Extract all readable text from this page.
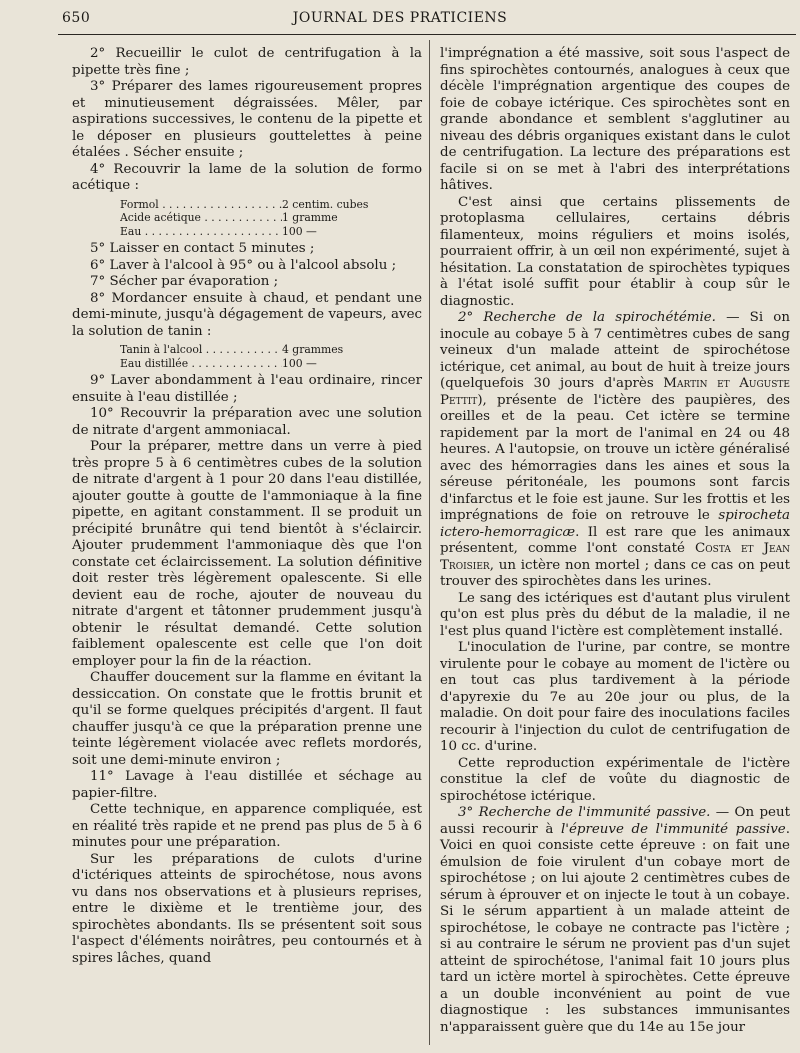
650	JOURNAL DES PRATICIENS

2° Recueillir le culot de centrifugation à la pipette très fine ;

3° Préparer des lames rigoureusement propres et minutieusement dégraissées. Mêler, par aspirations successives, le contenu de la pipette et le déposer en plusieurs gouttelettes à peine étalées . Sécher ensuite ;

4° Recouvrir la lame de la solution de formo acétique :

Formol . . .	2 centim. cubes
Acide acétique . . .	1 gramme
Eau . . .	100 —

5° Laisser en contact 5 minutes ;

6° Laver à l'alcool à 95° ou à l'alcool absolu ;

7° Sécher par évaporation ;

8° Mordancer ensuite à chaud, et pendant une demi-minute, jusqu'à dégagement de vapeurs, avec la solution de tanin :

Tanin à l'alcool . . .	4 grammes
Eau distillée . . .	100 —

9° Laver abondamment à l'eau ordinaire, rincer ensuite à l'eau distillée ;

10° Recouvrir la préparation avec une solution de nitrate d'argent ammoniacal.

Pour la préparer, mettre dans un verre à pied très propre 5 à 6 centimètres cubes de la solution de nitrate d'argent à 1 pour 20 dans l'eau distillée, ajouter goutte à goutte de l'ammoniaque à la fine pipette, en agitant constamment. Il se produit un précipité brunâtre qui tend bientôt à s'éclaircir. Ajouter prudemment l'ammoniaque dès que l'on constate cet éclaircissement. La solution définitive doit rester très légèrement opalescente. Si elle devient eau de roche, ajouter de nouveau du nitrate d'argent et tâtonner prudemment jusqu'à obtenir le résultat demandé. Cette solution faiblement opalescente est celle que l'on doit employer pour la fin de la réaction.

Chauffer doucement sur la flamme en évitant la dessiccation. On constate que le frottis brunit et qu'il se forme quelques précipités d'argent. Il faut chauffer jusqu'à ce que la préparation prenne une teinte légèrement violacée avec reflets mordorés, soit une demi-minute environ ;

11° Lavage à l'eau distillée et séchage au papier-filtre.

Cette technique, en apparence compliquée, est en réalité très rapide et ne prend pas plus de 5 à 6 minutes pour une préparation.

Sur les préparations de culots d'urine d'ictériques atteints de spirochétose, nous avons vu dans nos observations et à plusieurs reprises, entre le dixième et le trentième jour, des spirochètes abondants. Ils se présentent soit sous l'aspect d'éléments noirâtres, peu contournés et à spires lâches, quand

l'imprégnation a été massive, soit sous l'aspect de fins spirochètes contournés, analogues à ceux que décèle l'imprégnation argentique des coupes de foie de cobaye ictérique. Ces spirochètes sont en grande abondance et semblent s'agglutiner au niveau des débris organiques existant dans le culot de centrifugation. La lecture des préparations est facile si on se met à l'abri des interprétations hâtives.

C'est ainsi que certains plissements de protoplasma cellulaires, certains débris filamenteux, moins réguliers et moins isolés, pourraient offrir, à un œil non expérimenté, sujet à hésitation. La constatation de spirochètes typiques à l'état isolé suffit pour établir à coup sûr le diagnostic.

2° Recherche de la spirochétémie. — Si on inocule au cobaye 5 à 7 centimètres cubes de sang veineux d'un malade atteint de spirochétose ictérique, cet animal, au bout de huit à treize jours (quelquefois 30 jours d'après Martin et Auguste Pettit), présente de l'ictère des paupières, des oreilles et de la peau. Cet ictère se termine rapidement par la mort de l'animal en 24 ou 48 heures. A l'autopsie, on trouve un ictère généralisé avec des hémorragies dans les aines et sous la séreuse péritonéale, les poumons sont farcis d'infarctus et le foie est jaune. Sur les frottis et les imprégnations de foie on retrouve le spirocheta ictero-hemorragicæ. Il est rare que les animaux présentent, comme l'ont constaté Costa et Jean Troisier, un ictère non mortel ; dans ce cas on peut trouver des spirochètes dans les urines.

Le sang des ictériques est d'autant plus virulent qu'on est plus près du début de la maladie, il ne l'est plus quand l'ictère est complètement installé.

L'inoculation de l'urine, par contre, se montre virulente pour le cobaye au moment de l'ictère ou en tout cas plus tardivement à la période d'apyrexie du 7e au 20e jour ou plus, de la maladie. On doit pour faire des inoculations faciles recourir à l'injection du culot de centrifugation de 10 cc. d'urine.

Cette reproduction expérimentale de l'ictère constitue la clef de voûte du diagnostic de spirochétose ictérique.

3° Recherche de l'immunité passive. — On peut aussi recourir à l'épreuve de l'immunité passive. Voici en quoi consiste cette épreuve : on fait une émulsion de foie virulent d'un cobaye mort de spirochétose ; on lui ajoute 2 centimètres cubes de sérum à éprouver et on injecte le tout à un cobaye. Si le sérum appartient à un malade atteint de spirochétose, le cobaye ne contracte pas l'ictère ; si au contraire le sérum ne provient pas d'un sujet atteint de spirochétose, l'animal fait 10 jours plus tard un ictère mortel à spirochètes. Cette épreuve a un double inconvénient au point de vue diagnostique : les substances immunisantes n'apparaissent guère que du 14e au 15e jour
